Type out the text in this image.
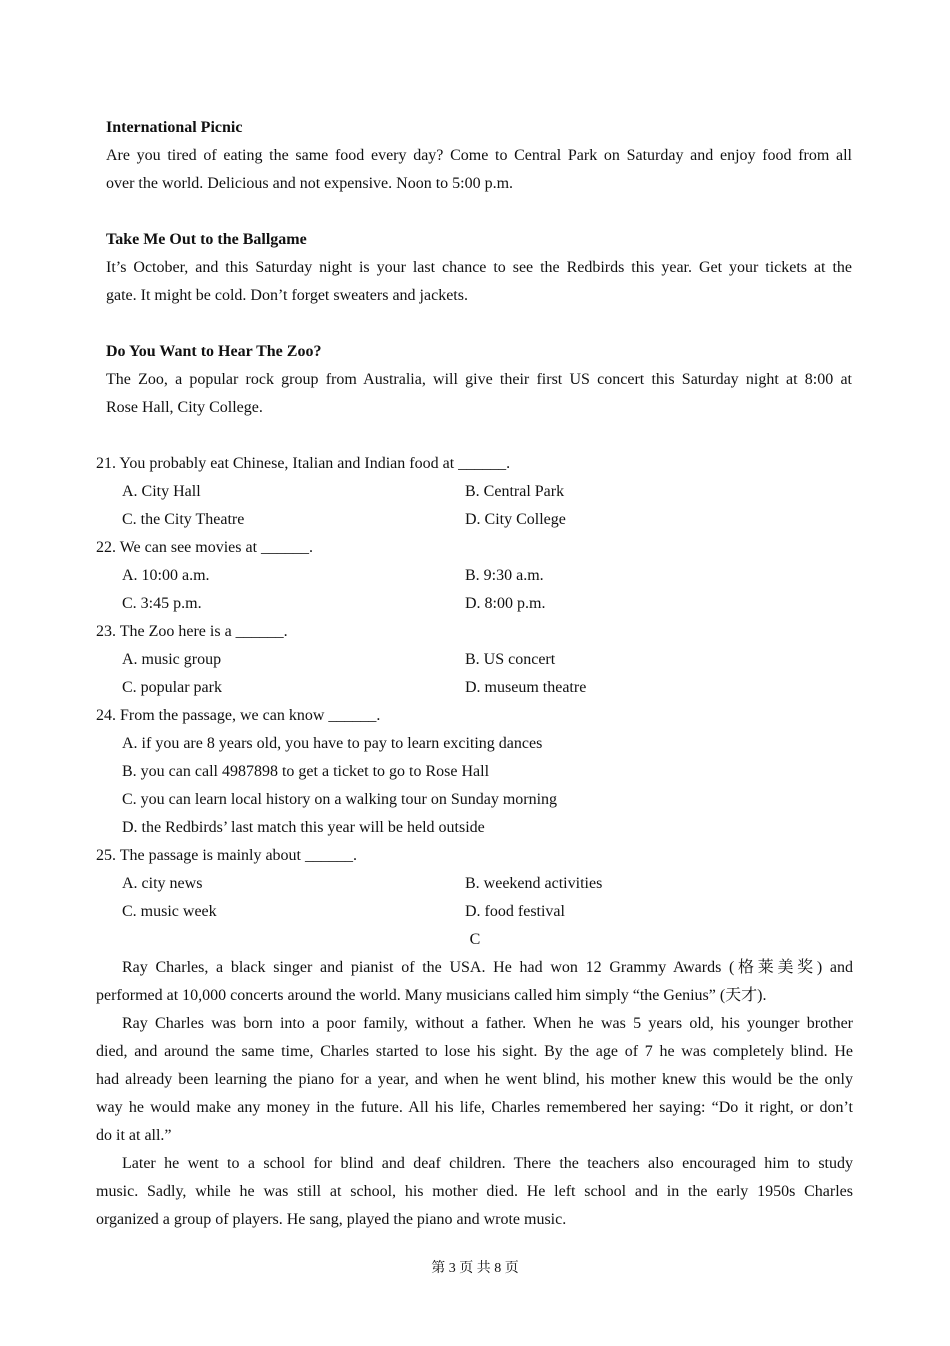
International Picnic
Are you tired of eating the same food every day? Come to Central Park on Saturday and enjoy food from all
over the world. Delicious and not expensive. Noon to 5:00 p.m.
Take Me Out to the Ballgame
It’s October, and this Saturday night is your last chance to see the Redbirds this year. Get your tickets at the
gate. It might be cold. Don’t forget sweaters and jackets.
Do You Want to Hear The Zoo?
The Zoo, a popular rock group from Australia, will give their first US concert this Saturday night at 8:00 at
Rose Hall, City College.
21. You probably eat Chinese, Italian and Indian food at ______.
A. City Hall	B. Central Park
C. the City Theatre	D. City College
22. We can see movies at ______.
A. 10:00 a.m.	B. 9:30 a.m.
C. 3:45 p.m.	D. 8:00 p.m.
23. The Zoo here is a ______.
A. music group	B. US concert
C. popular park	D. museum theatre
24. From the passage, we can know ______.
A. if you are 8 years old, you have to pay to learn exciting dances
B. you can call 4987898 to get a ticket to go to Rose Hall
C. you can learn local history on a walking tour on Sunday morning
D. the Redbirds’ last match this year will be held outside
25. The passage is mainly about ______.
A. city news	B. weekend activities
C. music week	D. food festival
C
Ray Charles, a black singer and pianist of the USA. He had won 12 Grammy Awards (格莱美奖) and
performed at 10,000 concerts around the world. Many musicians called him simply “the Genius” (天才).
Ray Charles was born into a poor family, without a father. When he was 5 years old, his younger brother
died, and around the same time, Charles started to lose his sight. By the age of 7 he was completely blind. He
had already been learning the piano for a year, and when he went blind, his mother knew this would be the only
way he would make any money in the future. All his life, Charles remembered her saying: “Do it right, or don’t
do it at all.”
Later he went to a school for blind and deaf children. There the teachers also encouraged him to study
music. Sadly, while he was still at school, his mother died. He left school and in the early 1950s Charles
organized a group of players. He sang, played the piano and wrote music.
第 3 页 共 8 页
